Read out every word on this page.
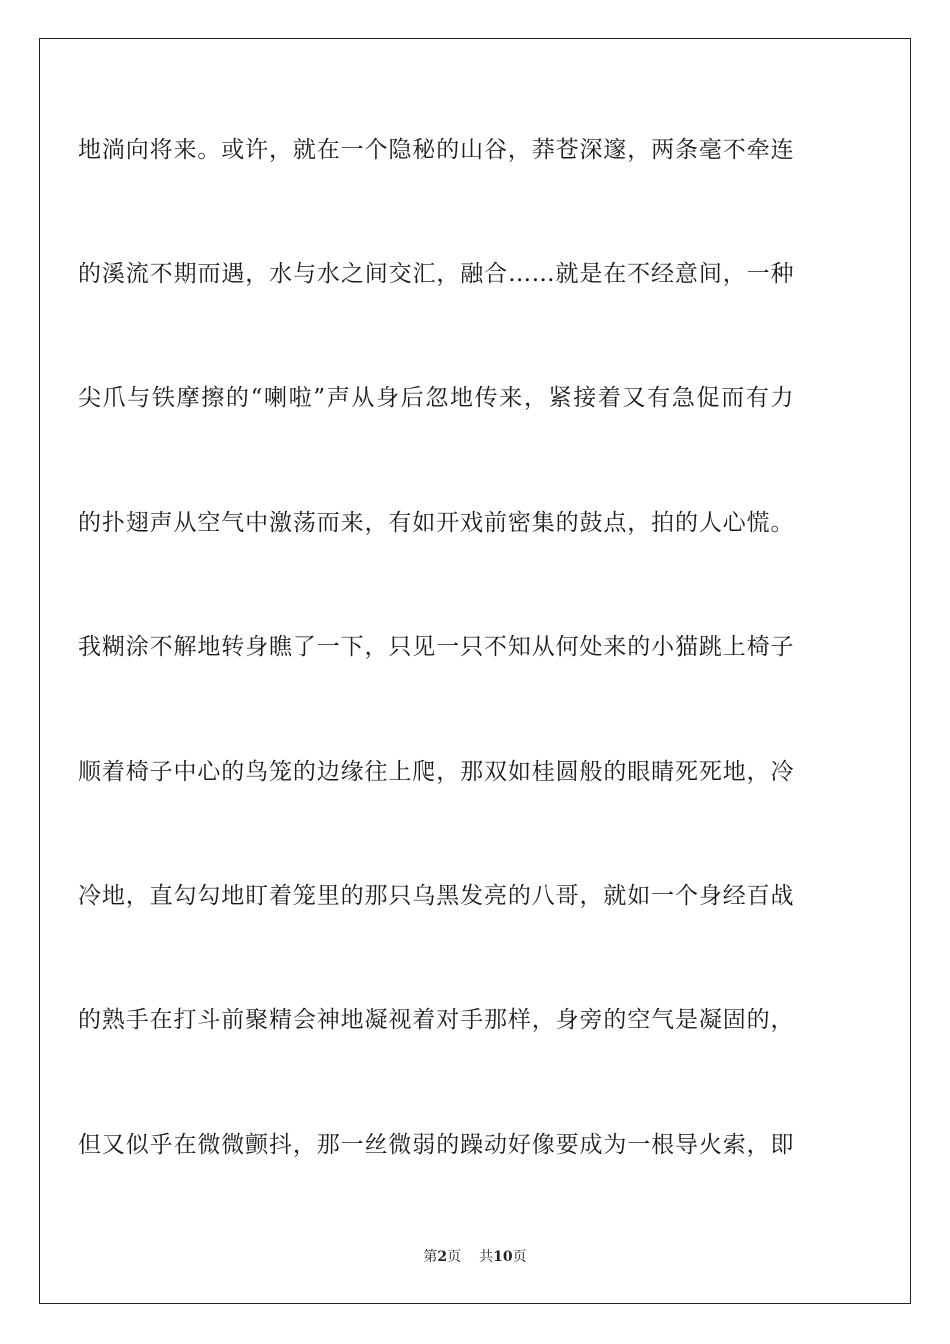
地淌向将来。或许，就在一个隐秘的山谷，莽苍深邃，两条毫不牵连
的溪流不期而遇，水与水之间交汇，融合……就是在不经意间，一种
尖爪与铁摩擦的“喇啦”声从身后忽地传来，紧接着又有急促而有力
的扑翅声从空气中激荡而来，有如开戏前密集的鼓点，拍的人心慌。
我糊涂不解地转身瞧了一下，只见一只不知从何处来的小猫跳上椅子
顺着椅子中心的鸟笼的边缘往上爬，那双如桂圆般的眼睛死死地，冷
冷地，直勾勾地盯着笼里的那只乌黑发亮的八哥，就如一个身经百战
的熟手在打斗前聚精会神地凝视着对手那样，身旁的空气是凝固的，
但又似乎在微微颤抖，那一丝微弱的躁动好像要成为一根导火索，即
第2页 共10页
